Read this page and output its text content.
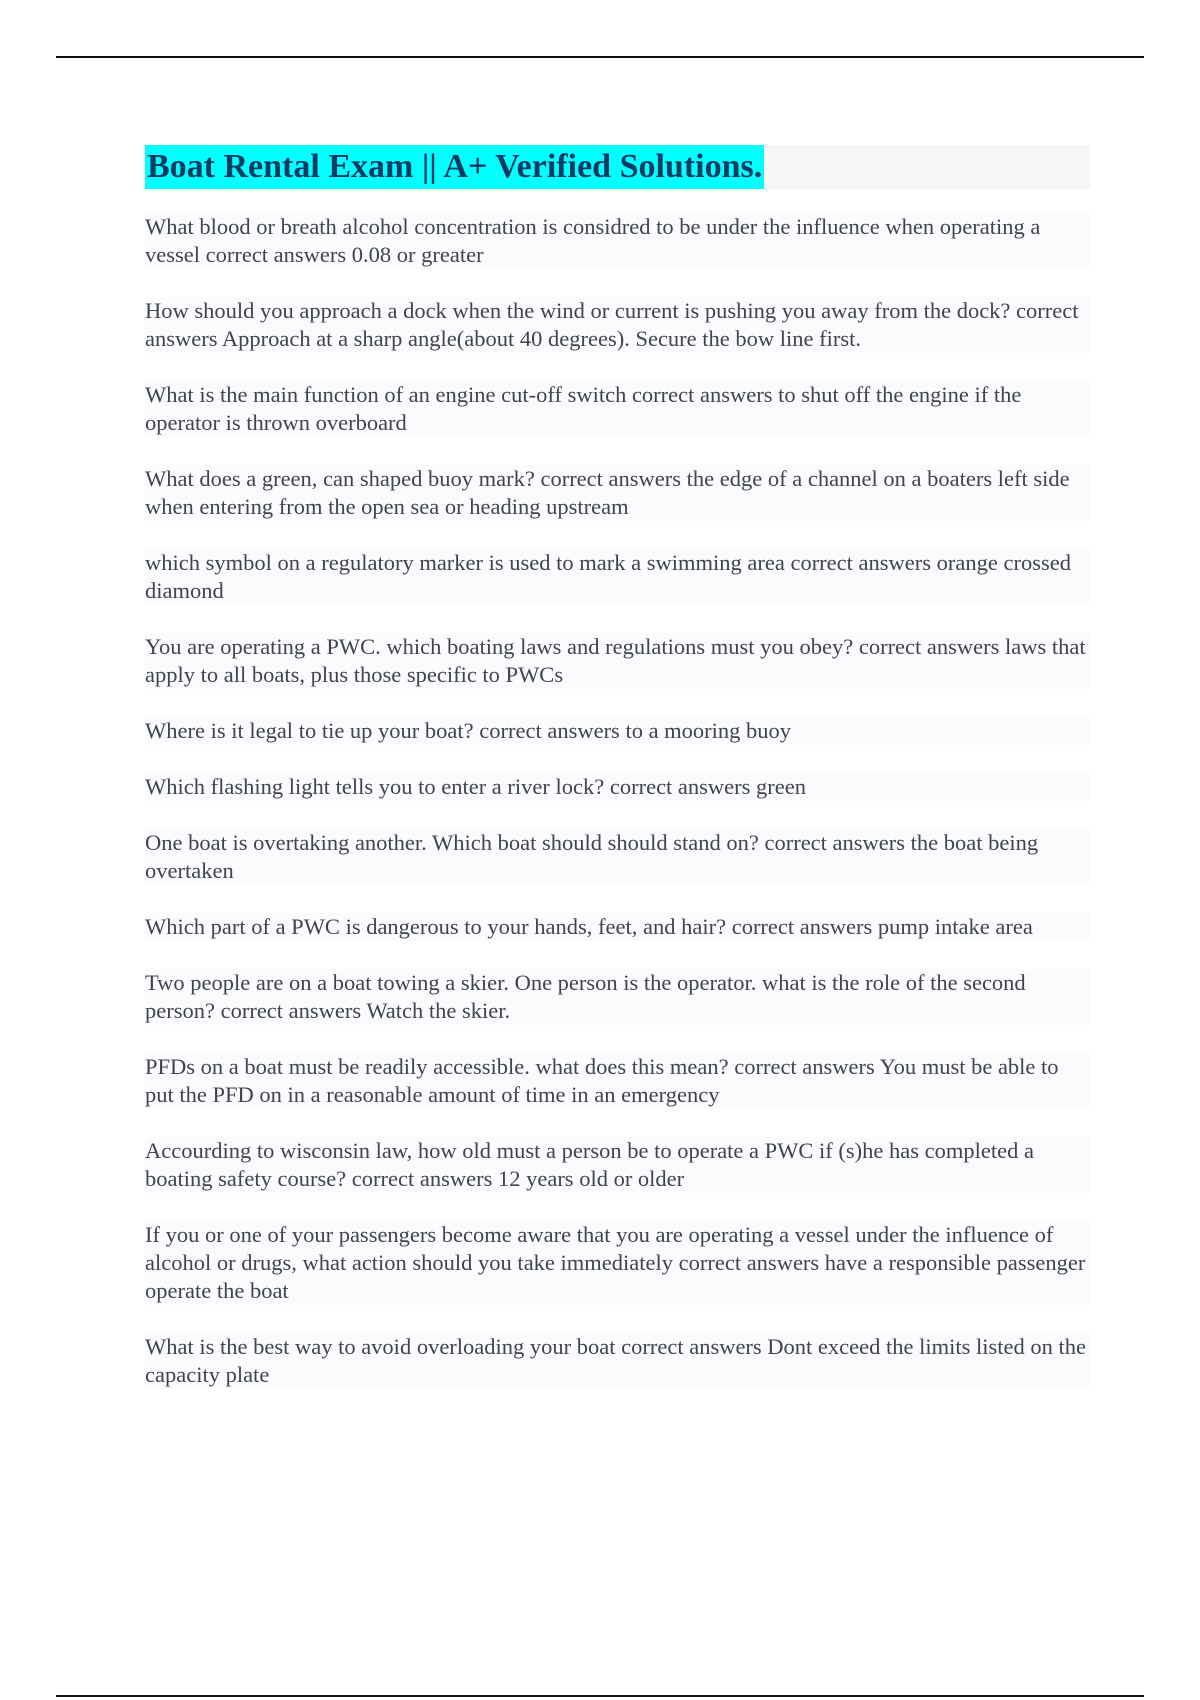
Boat Rental Exam || A+ Verified Solutions.
What blood or breath alcohol concentration is considred to be under the influence when operating a vessel correct answers 0.08 or greater
How should you approach a dock when the wind or current is pushing you away from the dock? correct answers Approach at a sharp angle(about 40 degrees). Secure the bow line first.
What is the main function of an engine cut-off switch correct answers to shut off the engine if the operator is thrown overboard
What does a green, can shaped buoy mark? correct answers the edge of a channel on a boaters left side when entering from the open sea or heading upstream
which symbol on a regulatory marker is used to mark a swimming area correct answers orange crossed diamond
You are operating a PWC. which boating laws and regulations must you obey? correct answers laws that apply to all boats, plus those specific to PWCs
Where is it legal to tie up your boat? correct answers to a mooring buoy
Which flashing light tells you to enter a river lock? correct answers green
One boat is overtaking another. Which boat should should stand on? correct answers the boat being overtaken
Which part of a PWC is dangerous to your hands, feet, and hair? correct answers pump intake area
Two people are on a boat towing a skier. One person is the operator. what is the role of the second person? correct answers Watch the skier.
PFDs on a boat must be readily accessible. what does this mean? correct answers You must be able to put the PFD on in a reasonable amount of time in an emergency
Accourding to wisconsin law, how old must a person be to operate a PWC if (s)he has completed a boating safety course? correct answers 12 years old or older
If you or one of your passengers become aware that you are operating a vessel under the influence of alcohol or drugs, what action should you take immediately correct answers have a responsible passenger operate the boat
What is the best way to avoid overloading your boat correct answers Dont exceed the limits listed on the capacity plate
